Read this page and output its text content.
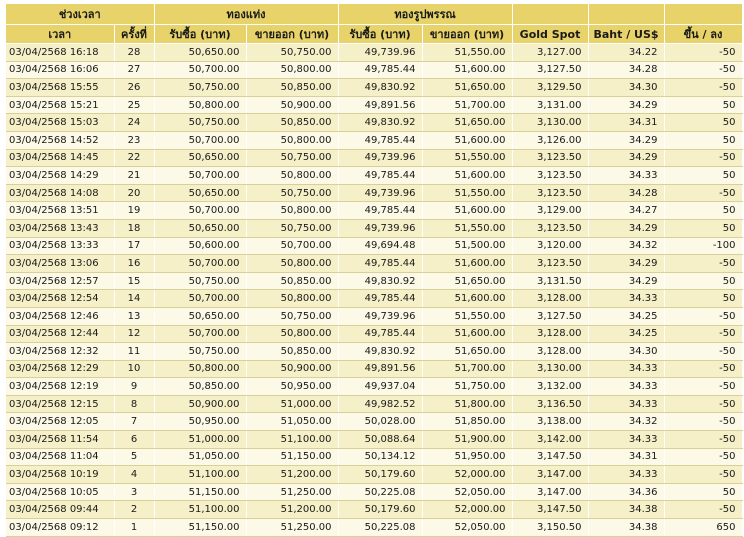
ช่วงเวลา		ทองแท่ง		ทองรูปพรรณ				
เวลา	ครั้งที่	รับซื้อ (บาท)	ขายออก (บาท)	รับซื้อ (บาท)	ขายออก (บาท)	Gold Spot	Baht / US$	ขึ้น / ลง
03/04/2568 16:18	28	50,650.00	50,750.00	49,739.96	51,550.00	3,127.00	34.22	-50
03/04/2568 16:06	27	50,700.00	50,800.00	49,785.44	51,600.00	3,127.50	34.28	-50
03/04/2568 15:55	26	50,750.00	50,850.00	49,830.92	51,650.00	3,129.50	34.30	-50
03/04/2568 15:21	25	50,800.00	50,900.00	49,891.56	51,700.00	3,131.00	34.29	50
03/04/2568 15:03	24	50,750.00	50,850.00	49,830.92	51,650.00	3,130.00	34.31	50
03/04/2568 14:52	23	50,700.00	50,800.00	49,785.44	51,600.00	3,126.00	34.29	50
03/04/2568 14:45	22	50,650.00	50,750.00	49,739.96	51,550.00	3,123.50	34.29	-50
03/04/2568 14:29	21	50,700.00	50,800.00	49,785.44	51,600.00	3,123.50	34.33	50
03/04/2568 14:08	20	50,650.00	50,750.00	49,739.96	51,550.00	3,123.50	34.28	-50
03/04/2568 13:51	19	50,700.00	50,800.00	49,785.44	51,600.00	3,129.00	34.27	50
03/04/2568 13:43	18	50,650.00	50,750.00	49,739.96	51,550.00	3,123.50	34.29	50
03/04/2568 13:33	17	50,600.00	50,700.00	49,694.48	51,500.00	3,120.00	34.32	-100
03/04/2568 13:06	16	50,700.00	50,800.00	49,785.44	51,600.00	3,123.50	34.29	-50
03/04/2568 12:57	15	50,750.00	50,850.00	49,830.92	51,650.00	3,131.50	34.29	50
03/04/2568 12:54	14	50,700.00	50,800.00	49,785.44	51,600.00	3,128.00	34.33	50
03/04/2568 12:46	13	50,650.00	50,750.00	49,739.96	51,550.00	3,127.50	34.25	-50
03/04/2568 12:44	12	50,700.00	50,800.00	49,785.44	51,600.00	3,128.00	34.25	-50
03/04/2568 12:32	11	50,750.00	50,850.00	49,830.92	51,650.00	3,128.00	34.30	-50
03/04/2568 12:29	10	50,800.00	50,900.00	49,891.56	51,700.00	3,130.00	34.33	-50
03/04/2568 12:19	9	50,850.00	50,950.00	49,937.04	51,750.00	3,132.00	34.33	-50
03/04/2568 12:15	8	50,900.00	51,000.00	49,982.52	51,800.00	3,136.50	34.33	-50
03/04/2568 12:05	7	50,950.00	51,050.00	50,028.00	51,850.00	3,138.00	34.32	-50
03/04/2568 11:54	6	51,000.00	51,100.00	50,088.64	51,900.00	3,142.00	34.33	-50
03/04/2568 11:04	5	51,050.00	51,150.00	50,134.12	51,950.00	3,147.50	34.31	-50
03/04/2568 10:19	4	51,100.00	51,200.00	50,179.60	52,000.00	3,147.00	34.33	-50
03/04/2568 10:05	3	51,150.00	51,250.00	50,225.08	52,050.00	3,147.00	34.36	50
03/04/2568 09:44	2	51,100.00	51,200.00	50,179.60	52,000.00	3,147.50	34.38	-50
03/04/2568 09:12	1	51,150.00	51,250.00	50,225.08	52,050.00	3,150.50	34.38	650
